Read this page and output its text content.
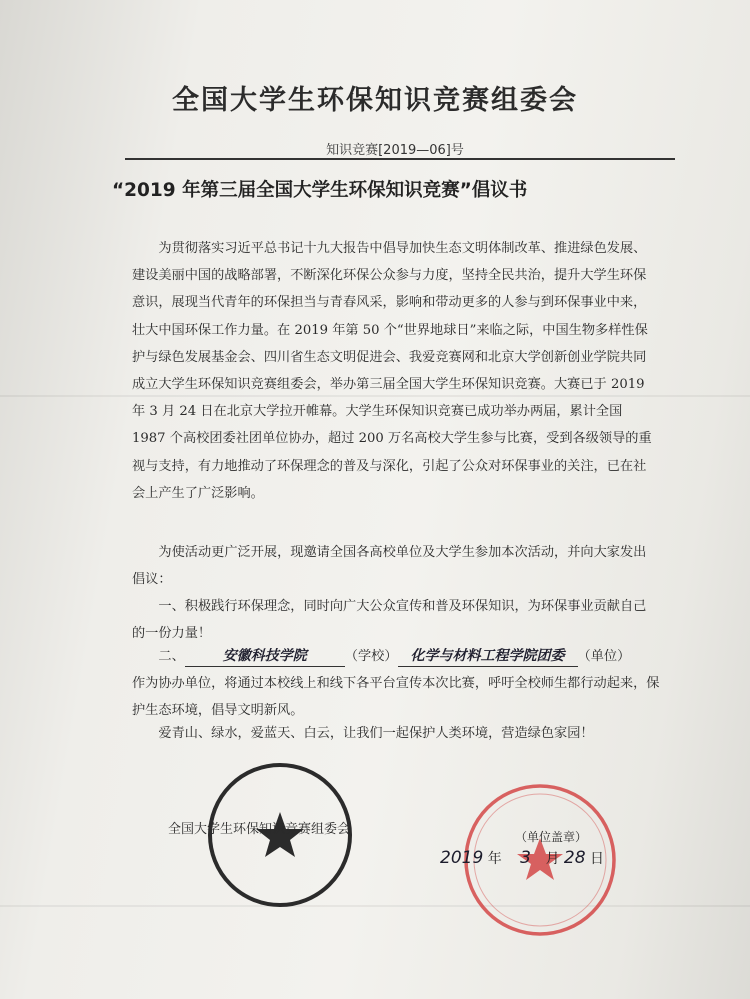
全国大学生环保知识竞赛组委会
知识竞赛[2019—06]号
“2019 年第三届全国大学生环保知识竞赛”倡议书
为贯彻落实习近平总书记十九大报告中倡导加快生态文明体制改革、推进绿色发展、建设美丽中国的战略部署，不断深化环保公众参与力度，坚持全民共治，提升大学生环保意识，展现当代青年的环保担当与青春风采，影响和带动更多的人参与到环保事业中来，壮大中国环保工作力量。在 2019 年第 50 个“世界地球日”来临之际，中国生物多样性保护与绿色发展基金会、四川省生态文明促进会、我爱竞赛网和北京大学创新创业学院共同成立大学生环保知识竞赛组委会，举办第三届全国大学生环保知识竞赛。大赛已于 2019 年 3 月 24 日在北京大学拉开帷幕。大学生环保知识竞赛已成功举办两届，累计全国 1987 个高校团委社团单位协办，超过 200 万名高校大学生参与比赛，受到各级领导的重视与支持，有力地推动了环保理念的普及与深化，引起了公众对环保事业的关注，已在社会上产生了广泛影响。
为使活动更广泛开展，现邀请全国各高校单位及大学生参加本次活动，并向大家发出倡议：
一、积极践行环保理念，同时向广大公众宣传和普及环保知识，为环保事业贡献自己的一份力量！
二、	安徽科技学院	（学校） 化学与材料工程学院团委 （单位）
作为协办单位，将通过本校线上和线下各平台宣传本次比赛，呼吁全校师生都行动起来，保护生态环境，倡导文明新风。
爱青山、绿水，爱蓝天、白云，让我们一起保护人类环境，营造绿色家园！
全国大学生环保知识竞赛组委会	（单位盖章）
2019 年 3 月 28 日
